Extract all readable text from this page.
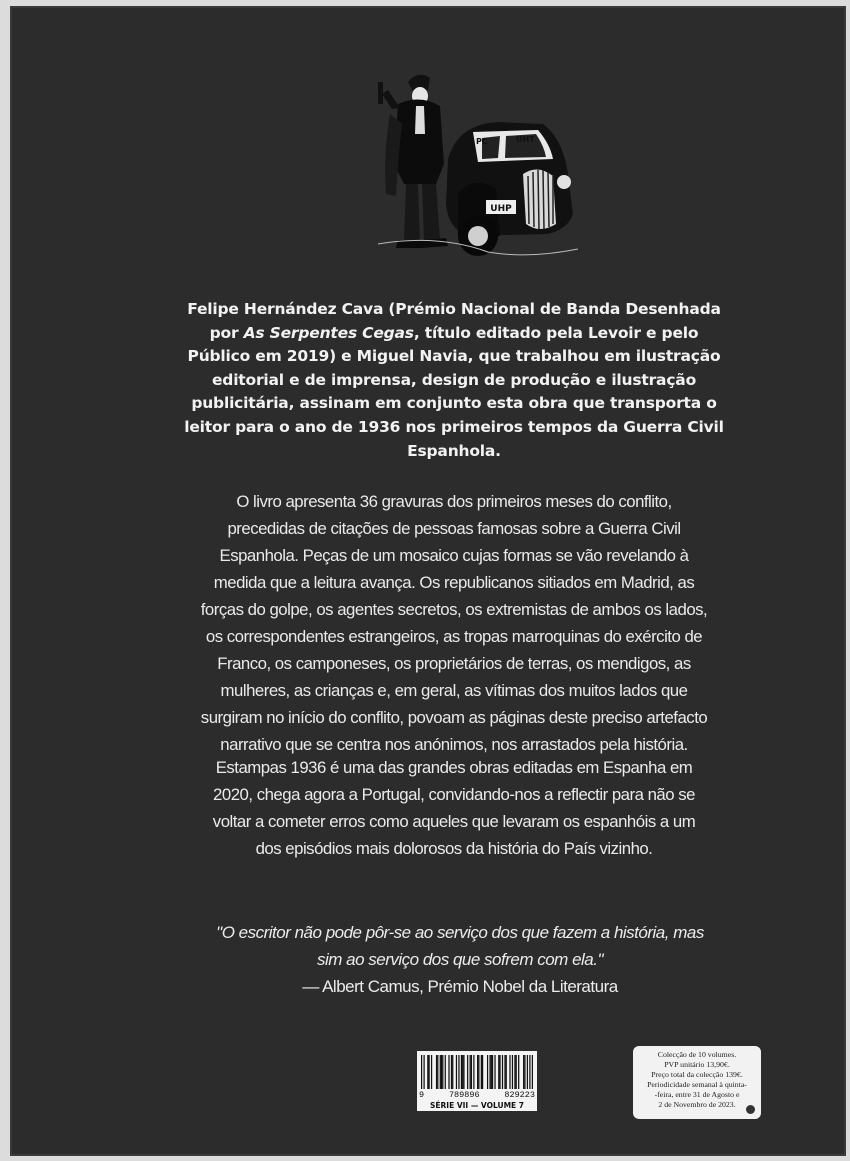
UHP
PC	UHT
Felipe Hernández Cava (Prémio Nacional de Banda Desenhada por As Serpentes Cegas, título editado pela Levoir e pelo Público em 2019) e Miguel Navia, que trabalhou em ilustração editorial e de imprensa, design de produção e ilustração publicitária, assinam em conjunto esta obra que transporta o leitor para o ano de 1936 nos primeiros tempos da Guerra Civil Espanhola.
O livro apresenta 36 gravuras dos primeiros meses do conflito, precedidas de citações de pessoas famosas sobre a Guerra Civil Espanhola. Peças de um mosaico cujas formas se vão revelando à medida que a leitura avança. Os republicanos sitiados em Madrid, as forças do golpe, os agentes secretos, os extremistas de ambos os lados, os correspondentes estrangeiros, as tropas marroquinas do exército de Franco, os camponeses, os proprietários de terras, os mendigos, as mulheres, as crianças e, em geral, as vítimas dos muitos lados que surgiram no início do conflito, povoam as páginas deste preciso artefacto narrativo que se centra nos anónimos, nos arrastados pela história.
Estampas 1936 é uma das grandes obras editadas em Espanha em 2020, chega agora a Portugal, convidando-nos a reflectir para não se voltar a cometer erros como aqueles que levaram os espanhóis a um dos episódios mais dolorosos da história do País vizinho.
"O escritor não pode pôr-se ao serviço dos que fazem a história, mas sim ao serviço dos que sofrem com ela."
— Albert Camus, Prémio Nobel da Literatura
9	789896	829223
SÉRIE VII — VOLUME 7
Colecção de 10 volumes.
PVP unitário 13,90€.
Preço total da colecção 139€.
Periodicidade semanal à quinta-
-feira, entre 31 de Agosto e
2 de Novembro de 2023.
